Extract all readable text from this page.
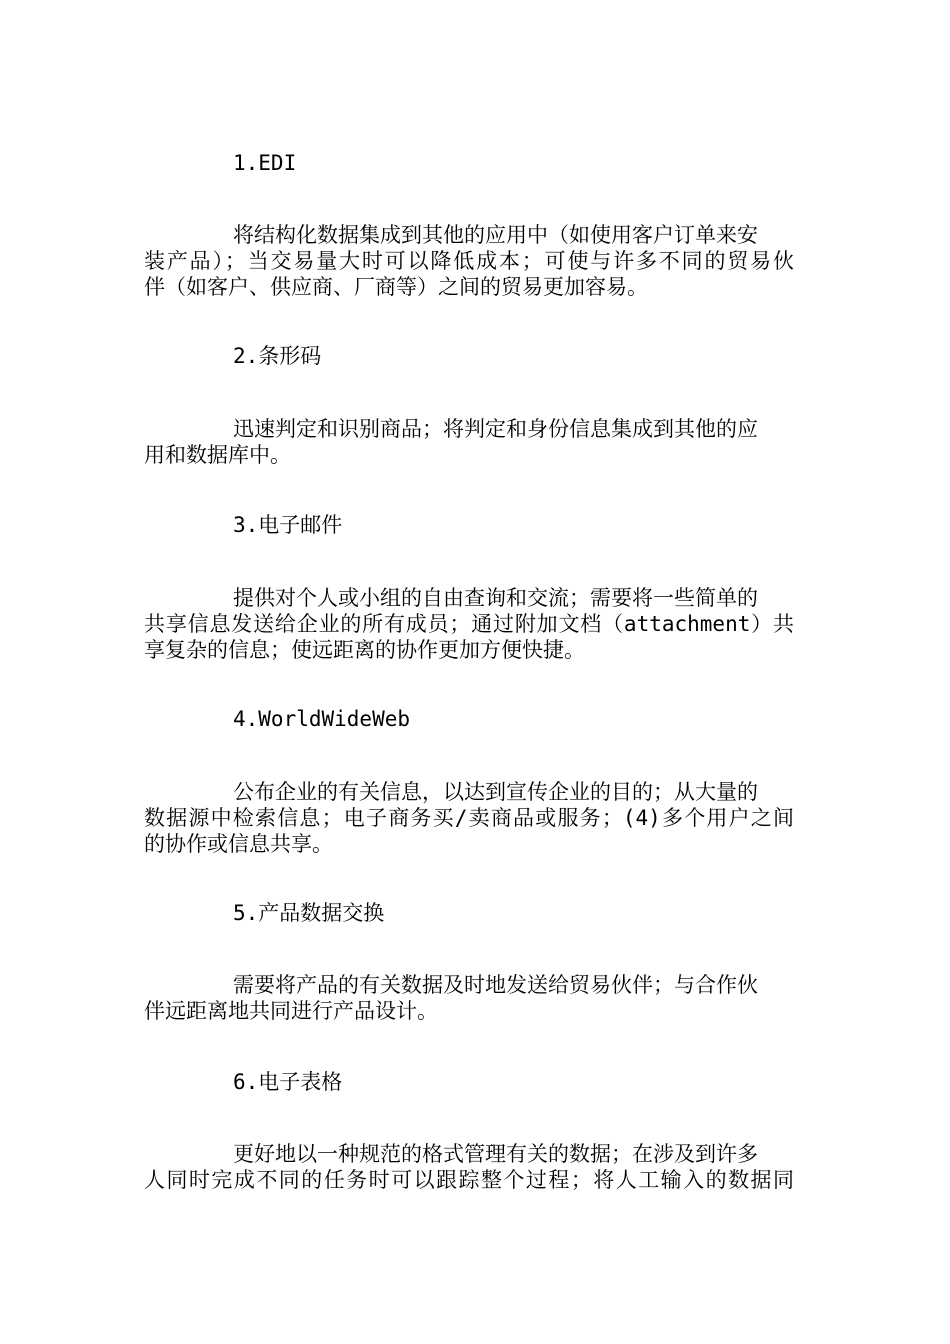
1.EDI
将结构化数据集成到其他的应用中（如使用客户订单来安
装产品）；当交易量大时可以降低成本；可使与许多不同的贸易伙
伴（如客户、供应商、厂商等）之间的贸易更加容易。
2.条形码
迅速判定和识别商品；将判定和身份信息集成到其他的应
用和数据库中。
3.电子邮件
提供对个人或小组的自由查询和交流；需要将一些简单的
共享信息发送给企业的所有成员；通过附加文档（attachment）共
享复杂的信息；使远距离的协作更加方便快捷。
4.WorldWideWeb
公布企业的有关信息，以达到宣传企业的目的；从大量的
数据源中检索信息；电子商务买/卖商品或服务；(4)多个用户之间
的协作或信息共享。
5.产品数据交换
需要将产品的有关数据及时地发送给贸易伙伴；与合作伙
伴远距离地共同进行产品设计。
6.电子表格
更好地以一种规范的格式管理有关的数据；在涉及到许多
人同时完成不同的任务时可以跟踪整个过程；将人工输入的数据同
